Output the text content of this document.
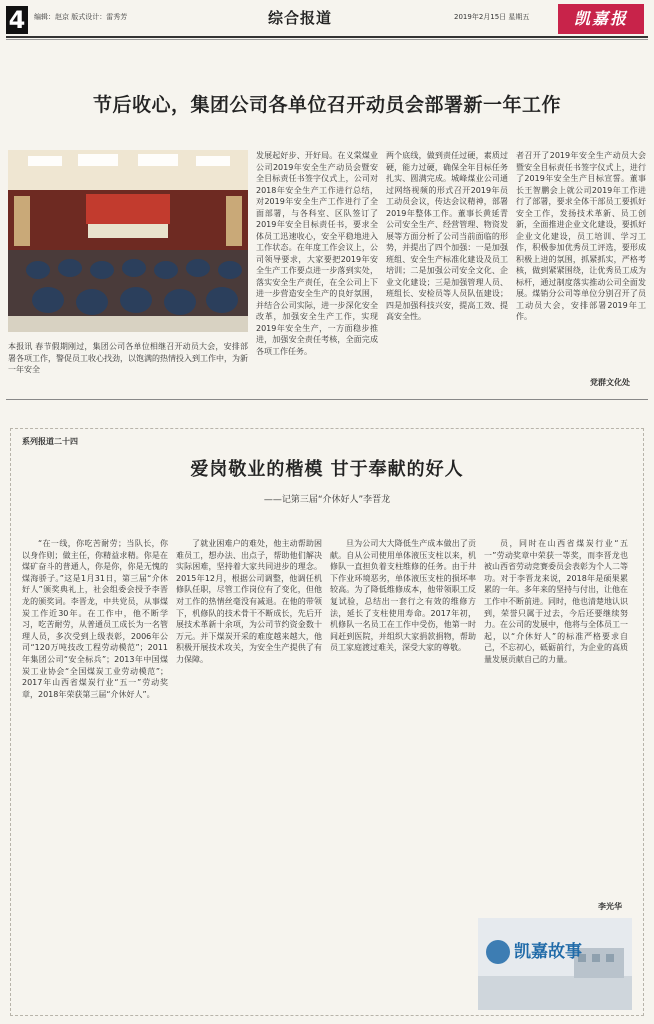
4	编辑：赵京 版式设计：雷秀芳	综合报道	2019年2月15日 星期五	凯嘉报
节后收心，集团公司各单位召开动员会部署新一年工作

本报讯 春节假期刚过，集团公司各单位相继召开动员大会，安排部署各项工作，警促员工收心找劲，以饱满的热情投入到工作中，为新一年安全

发展起好步、开好局。在义棠煤业公司2019年安全生产动员会暨安全目标责任书签字仪式上，公司对2018年安全生产工作进行总结，对2019年安全生产工作进行了全面部署，与各科室、区队签订了2019年安全目标责任书，要求全体员工迅速收心，安全平稳地进入工作状态。在年度工作会议上，公司领导要求，大家要把2019年安全生产工作要点进一步落到实处，落实安全生产责任，在全公司上下进一步营造安全生产的良好氛围，并结合公司实际，进一步深化安全改革，加强安全生产工作，实现2019年安全生产，一方面稳步推进，加强安全责任考核，全面完成各项工作任务。

两个底线，做到责任过硬，素质过硬，能力过硬，确保全年目标任务扎实、圆满完成。城峰煤业公司通过网络视频的形式召开2019年员工动员会议，传达会议精神，部署2019年整体工作。董事长黄延青公司安全生产、经营管理、物资发展等方面分析了公司当前面临的形势，并提出了四个加强：一是加强班组、安全生产标准化建设及员工培训；二是加强公司安全文化、企业文化建设；三是加强管理人员、班组长、安检员等人员队伍建设；四是加强科技兴安，提高工效、提高安全性。

者召开了2019年安全生产动员大会暨安全目标责任书签字仪式上，进行了2019年安全生产目标宣誓。董事长王智鹏会上就公司2019年工作进行了部署，要求全体干部员工要抓好安全工作，发扬技术革新、员工创新，全面推进企业文化建设，要抓好企业文化建设，员工培训、学习工作，积极参加优秀员工评选，要形成积极上进的氛围，抓紧抓实，严格考核，做到紧紧围绕，让优秀员工成为标杆，通过制度落实推动公司全面发展。煤销分公司等单位分别召开了员工动员大会，安排部署2019年工作。

党群文化处
系列报道二十四
爱岗敬业的楷模 甘于奉献的好人
——记第三届“介休好人”李晋龙

“在一线，你吃苦耐劳；当队长，你以身作则；做主任，你精益求精。你是在煤矿奋斗的普通人，你是你，你是无愧的煤海骄子。”这是1月31日，第三届“介休好人”颁奖典礼上，社会组委会授予李晋龙的颁奖词。李晋龙，中共党员，从事煤炭工作近30年。在工作中，他不断学习，吃苦耐劳，从普通员工成长为一名管理人员，多次受到上级表彰，2006年公司“120万吨技改工程劳动模范”；2011年集团公司“安全标兵”；2013年中国煤炭工业协会“全国煤炭工业劳动模范”；2017年山西省煤炭行业“五一”劳动奖章，2018年荣获第三届“介休好人”。

了就业困难户的难处，他主动帮助困难员工，想办法、出点子，帮助他们解决实际困难，坚持着大家共同进步的理念。2015年12月，根据公司调整，他调任机修队任职，尽管工作岗位有了变化，但他对工作的热情丝毫没有减退。在他的带领下，机修队的技术骨干不断成长，先后开展技术革新十余项，为公司节约资金数十万元。并下煤炭开采的难度越来越大，他积极开展技术攻关，为安全生产提供了有力保障。

旦为公司大大降低生产成本做出了贡献。自从公司使用单体液压支柱以来，机修队一直担负着支柱维修的任务。由于井下作业环境恶劣，单体液压支柱的损坏率较高。为了降低维修成本，他带领职工反复试验，总结出一套行之有效的维修方法，延长了支柱使用寿命。2017年初，机修队一名员工在工作中受伤，他第一时间赶到医院，并组织大家捐款捐物，帮助员工家庭渡过难关，深受大家的尊敬。

员，同时在山西省煤炭行业“五一”劳动奖章中荣获一等奖，而李晋龙也被山西省劳动竞赛委员会表彰为个人二等功。对于李晋龙来说，2018年是硕果累累的一年。多年来的坚持与付出，让他在工作中不断前进。同时，他也清楚地认识到，荣誉只属于过去，今后还要继续努力。在公司的发展中，他将与全体员工一起，以“介休好人”的标准严格要求自己，不忘初心，砥砺前行，为企业的高质量发展贡献自己的力量。

李光华
凯嘉故事
